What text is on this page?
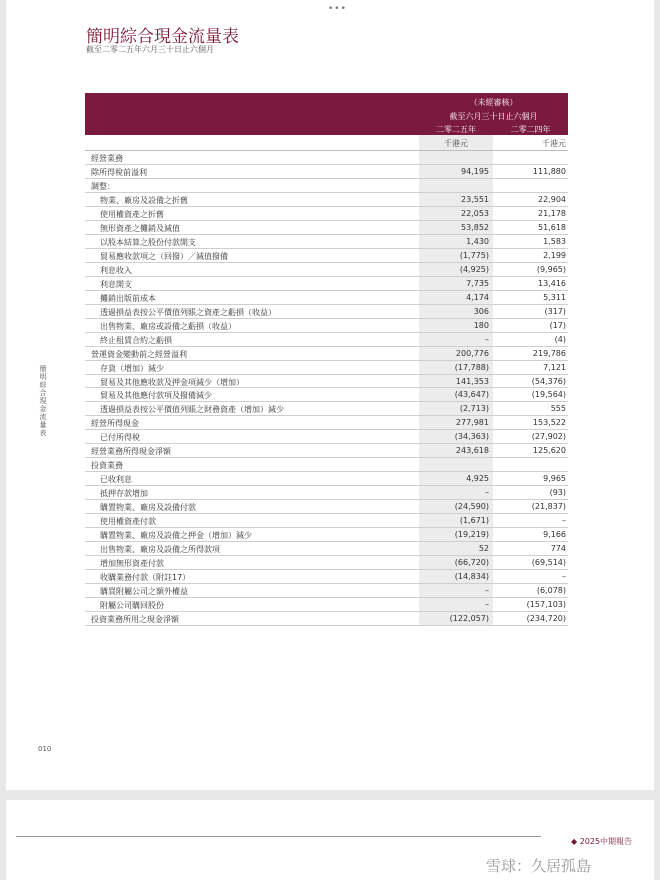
•••
簡明綜合現金流量表
截至二零二五年六月三十日止六個月
簡明綜合現金流量表
010
（未經審核）
截至六月三十日止六個月
二零二五年	二零二四年
千港元	千港元
經營業務
除所得稅前溢利	94,195	111,880
調整：
物業、廠房及設備之折舊	23,551	22,904
使用權資產之折舊	22,053	21,178
無形資產之攤銷及減值	53,852	51,618
以股本結算之股份付款開支	1,430	1,583
貿易應收款項之（回撥）／減值撥備	(1,775)	2,199
利息收入	(4,925)	(9,965)
利息開支	7,735	13,416
攤銷出版前成本	4,174	5,311
透過損益表按公平價值列賬之資產之虧損（收益）	306	(317)
出售物業、廠房或設備之虧損（收益）	180	(17)
終止租賃合約之虧損	–	(4)
營運資金變動前之經營溢利	200,776	219,786
存貨（增加）減少	(17,788)	7,121
貿易及其他應收款及押金項減少（增加）	141,353	(54,376)
貿易及其他應付款項及撥備減少	(43,647)	(19,564)
透過損益表按公平價值列賬之財務資產（增加）減少	(2,713)	555
經營所得現金	277,981	153,522
已付所得稅	(34,363)	(27,902)
經營業務所得現金淨額	243,618	125,620
投資業務
已收利息	4,925	9,965
抵押存款增加	–	(93)
購置物業、廠房及設備付款	(24,590)	(21,837)
使用權資產付款	(1,671)	–
購置物業、廠房及設備之押金（增加）減少	(19,219)	9,166
出售物業、廠房及設備之所得款項	52	774
增加無形資產付款	(66,720)	(69,514)
收購業務付款（附註17）	(14,834)	–
購買附屬公司之額外權益	–	(6,078)
附屬公司購回股份	–	(157,103)
投資業務所用之現金淨額	(122,057)	(234,720)
◆ 2025中期報告
雪球：久居孤島
